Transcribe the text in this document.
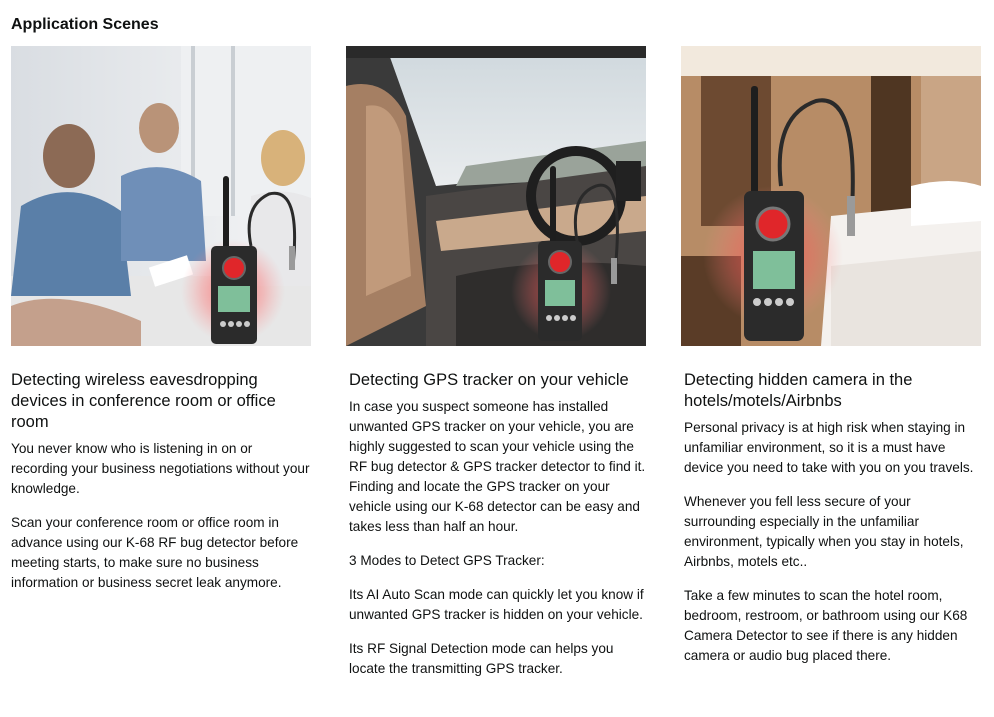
Application Scenes
Detecting wireless eavesdropping devices in conference room or office room

You never know who is listening in on or recording your business negotiations without your knowledge.

Scan your conference room or office room in advance using our K-68 RF bug detector before meeting starts, to make sure no business information or business secret leak anymore.

Detecting GPS tracker on your vehicle

In case you suspect someone has installed unwanted GPS tracker on your vehicle, you are highly suggested to scan your vehicle using the RF bug detector & GPS tracker detector to find it. Finding and locate the GPS tracker on your vehicle using our K-68 detector can be easy and takes less than half an hour.

3 Modes to Detect GPS Tracker:

Its AI Auto Scan mode can quickly let you know if unwanted GPS tracker is hidden on your vehicle.

Its RF Signal Detection mode can helps you locate the transmitting GPS tracker.

Detecting hidden camera in the hotels/motels/Airbnbs

Personal privacy is at high risk when staying in unfamiliar environment, so it is a must have device you need to take with you on you travels.

Whenever you fell less secure of your surrounding especially in the unfamiliar environment, typically when you stay in hotels, Airbnbs, motels etc..

Take a few minutes to scan the hotel room, bedroom, restroom, or bathroom using our K68 Camera Detector to see if there is any hidden camera or audio bug placed there.
